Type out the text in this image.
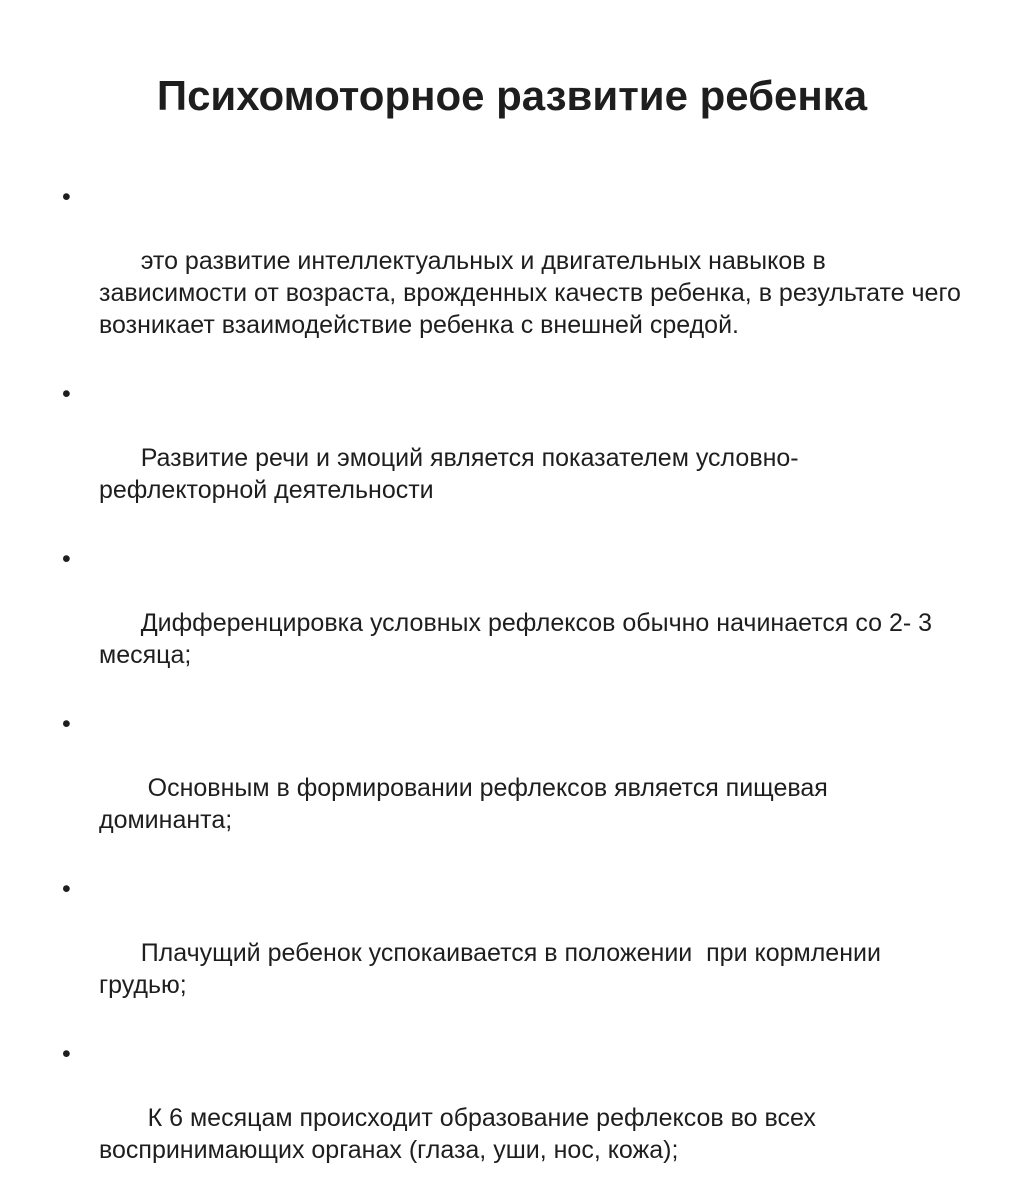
Психомоторное развитие ребенка

•

это развитие интеллектуальных и двигательных навыков в зависимости от возраста, врожденных качеств ребенка, в результате чего возникает взаимодействие ребенка с внешней средой.

•

Развитие речи и эмоций является показателем условно-рефлекторной деятельности

•

Дифференцировка условных рефлексов обычно начинается со 2- 3 месяца;

•

Основным в формировании рефлексов является пищевая доминанта;

•

Плачущий ребенок успокаивается в положении  при кормлении грудью;

•

К 6 месяцам происходит образование рефлексов во всех воспринимающих органах (глаза, уши, нос, кожа);
